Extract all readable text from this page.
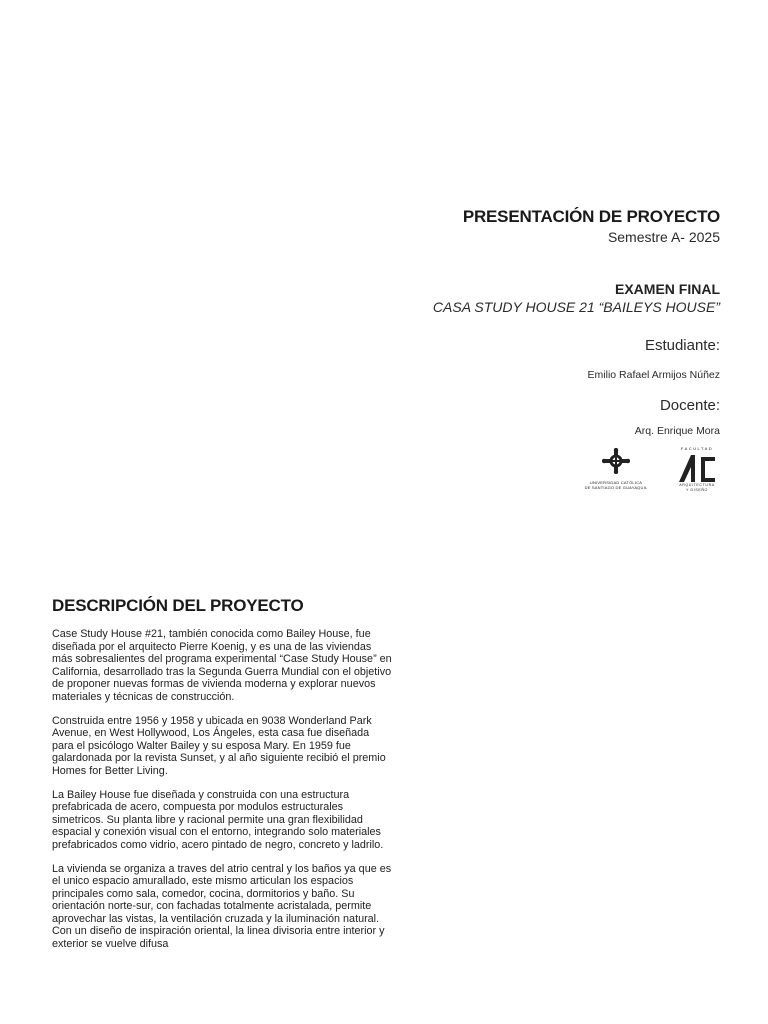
PRESENTACIÓN DE PROYECTO

Semestre A- 2025

EXAMEN FINAL
CASA STUDY HOUSE 21 “BAILEYS HOUSE”
Estudiante:
Emilio Rafael Armijos Núñez
Docente:
Arq. Enrique Mora
UNIVERSIDAD CATÓLICA
DE SANTIAGO DE GUAYAQUIL
FACULTAD
ARQUITECTURA
Y DISEÑO
DESCRIPCIÓN DEL PROYECTO

Case Study House #21, también conocida como Bailey House, fue diseñada por el arquitecto Pierre Koenig, y es una de las viviendas más sobresalientes del programa experimental “Case Study House” en California, desarrollado tras la Segunda Guerra Mundial con el objetivo de proponer nuevas formas de vivienda moderna y explorar nuevos materiales y técnicas de construcción.

Construida entre 1956 y 1958 y ubicada en 9038 Wonderland Park Avenue, en West Hollywood, Los Ángeles, esta casa fue diseñada para el psicólogo Walter Bailey y su esposa Mary. En 1959 fue galardonada por la revista Sunset, y al año siguiente recibió el premio Homes for Better Living.

La Bailey House fue diseñada y construida con una estructura prefabricada de acero, compuesta por modulos estructurales simetricos. Su planta libre y racional permite una gran flexibilidad espacial y conexión visual con el entorno, integrando solo materiales prefabricados como vidrio, acero pintado de negro, concreto y ladrilo.

La vivienda se organiza a traves del atrio central y los baños ya que es el unico espacio amurallado, este mismo articulan los espacios principales como sala, comedor, cocina, dormitorios y baño. Su orientación norte-sur, con fachadas totalmente acristalada, permite aprovechar las vistas, la ventilación cruzada y la iluminación natural. Con un diseño de inspiración oriental, la linea divisoria entre interior y exterior se vuelve difusa
